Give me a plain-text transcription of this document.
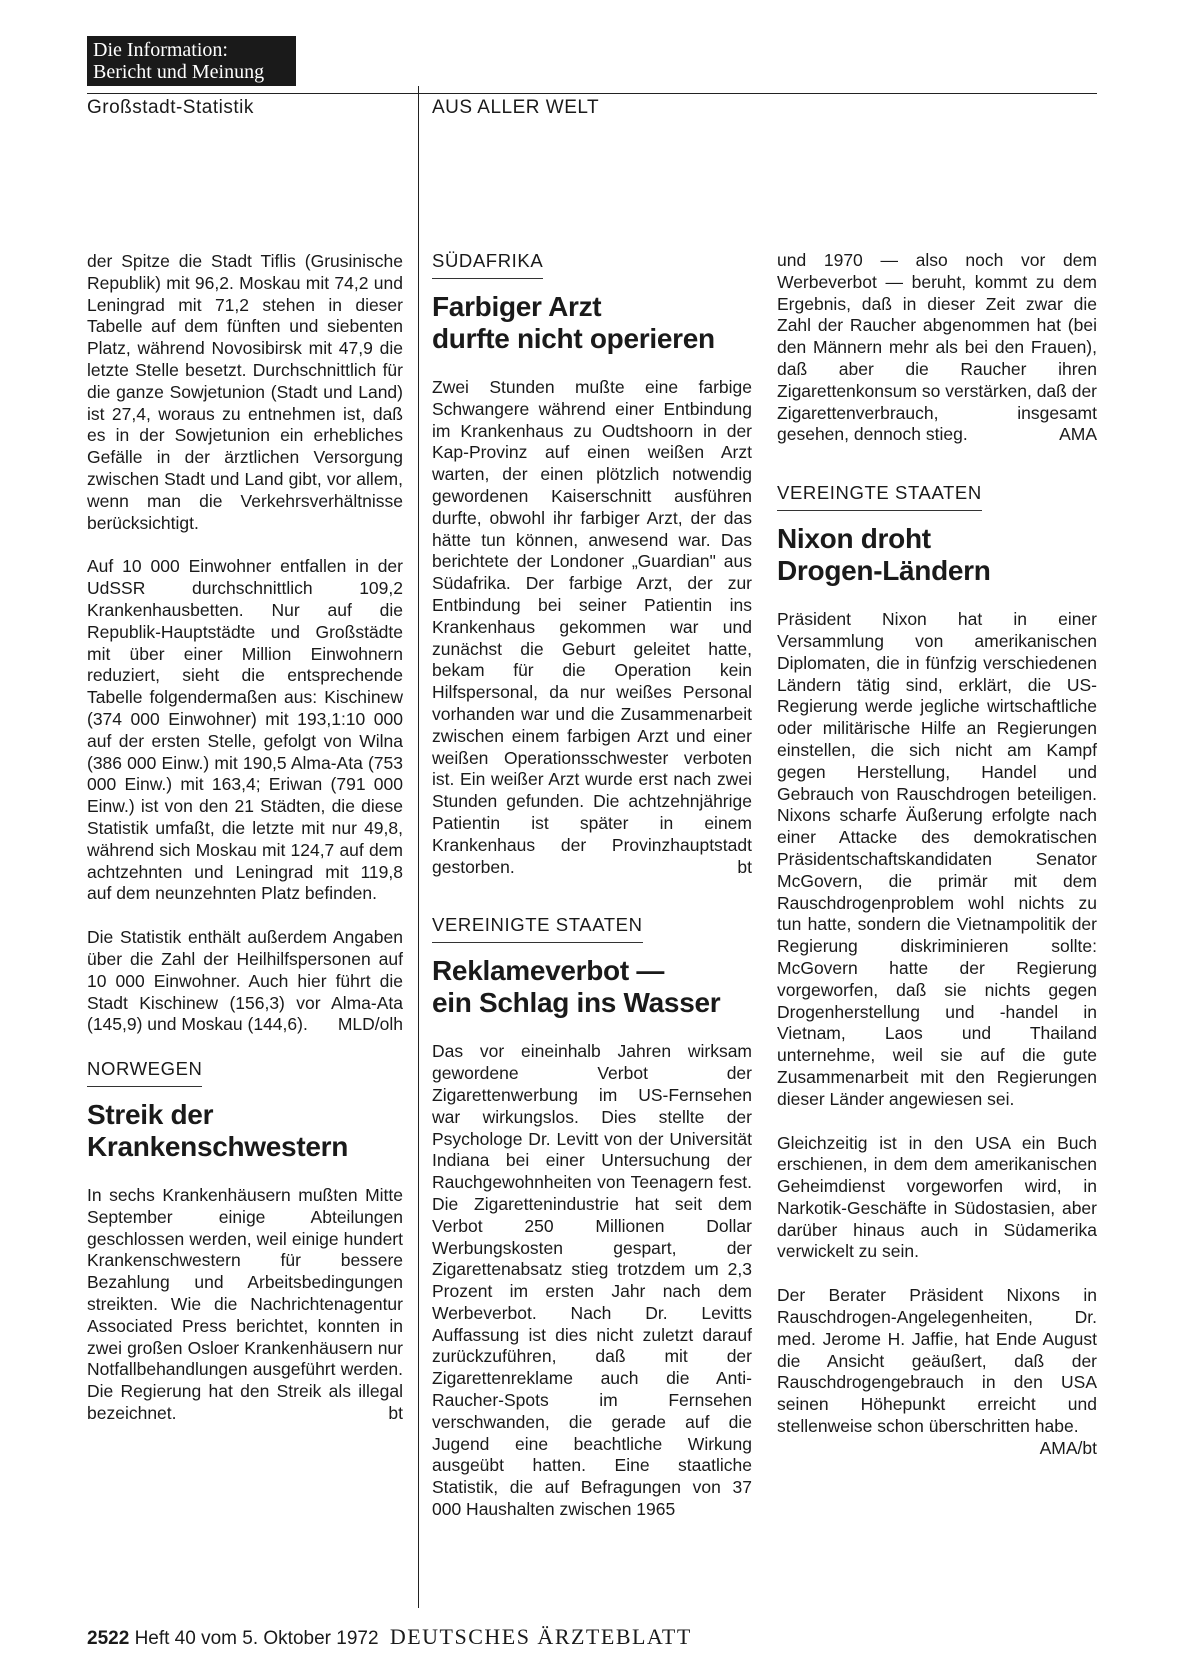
Die Information:
Bericht und Meinung
Großstadt-Statistik	AUS ALLER WELT

der Spitze die Stadt Tiflis (Grusinische Republik) mit 96,2. Moskau mit 74,2 und Leningrad mit 71,2 stehen in dieser Tabelle auf dem fünften und siebenten Platz, während Novosibirsk mit 47,9 die letzte Stelle besetzt. Durchschnittlich für die ganze Sowjetunion (Stadt und Land) ist 27,4, woraus zu entnehmen ist, daß es in der Sowjetunion ein erhebliches Gefälle in der ärztlichen Versorgung zwischen Stadt und Land gibt, vor allem, wenn man die Verkehrsverhältnisse berücksichtigt.

Auf 10 000 Einwohner entfallen in der UdSSR durchschnittlich 109,2 Krankenhausbetten. Nur auf die Republik-Hauptstädte und Großstädte mit über einer Million Einwohnern reduziert, sieht die entsprechende Tabelle folgendermaßen aus: Kischinew (374 000 Einwohner) mit 193,1:10 000 auf der ersten Stelle, gefolgt von Wilna (386 000 Einw.) mit 190,5 Alma-Ata (753 000 Einw.) mit 163,4; Eriwan (791 000 Einw.) ist von den 21 Städten, die diese Statistik umfaßt, die letzte mit nur 49,8, während sich Moskau mit 124,7 auf dem achtzehnten und Leningrad mit 119,8 auf dem neunzehnten Platz befinden.

Die Statistik enthält außerdem Angaben über die Zahl der Heilhilfspersonen auf 10 000 Einwohner. Auch hier führt die Stadt Kischinew (156,3) vor Alma-Ata (145,9) und Moskau (144,6). MLD/olh

NORWEGEN
Streik der
Krankenschwestern

In sechs Krankenhäusern mußten Mitte September einige Abteilungen geschlossen werden, weil einige hundert Krankenschwestern für bessere Bezahlung und Arbeitsbedingungen streikten. Wie die Nachrichtenagentur Associated Press berichtet, konnten in zwei großen Osloer Krankenhäusern nur Notfallbehandlungen ausgeführt werden. Die Regierung hat den Streik als illegal bezeichnet.	bt

SÜDAFRIKA
Farbiger Arzt
durfte nicht operieren

Zwei Stunden mußte eine farbige Schwangere während einer Entbindung im Krankenhaus zu Oudtshoorn in der Kap-Provinz auf einen weißen Arzt warten, der einen plötzlich notwendig gewordenen Kaiserschnitt ausführen durfte, obwohl ihr farbiger Arzt, der das hätte tun können, anwesend war. Das berichtete der Londoner „Guardian" aus Südafrika. Der farbige Arzt, der zur Entbindung bei seiner Patientin ins Krankenhaus gekommen war und zunächst die Geburt geleitet hatte, bekam für die Operation kein Hilfspersonal, da nur weißes Personal vorhanden war und die Zusammenarbeit zwischen einem farbigen Arzt und einer weißen Operationsschwester verboten ist. Ein weißer Arzt wurde erst nach zwei Stunden gefunden. Die achtzehnjährige Patientin ist später in einem Krankenhaus der Provinzhauptstadt gestorben.	bt

VEREINIGTE STAATEN
Reklameverbot —
ein Schlag ins Wasser

Das vor eineinhalb Jahren wirksam gewordene Verbot der Zigarettenwerbung im US-Fernsehen war wirkungslos. Dies stellte der Psychologe Dr. Levitt von der Universität Indiana bei einer Untersuchung der Rauchgewohnheiten von Teenagern fest. Die Zigarettenindustrie hat seit dem Verbot 250 Millionen Dollar Werbungskosten gespart, der Zigarettenabsatz stieg trotzdem um 2,3 Prozent im ersten Jahr nach dem Werbeverbot. Nach Dr. Levitts Auffassung ist dies nicht zuletzt darauf zurückzuführen, daß mit der Zigarettenreklame auch die Anti-Raucher-Spots im Fernsehen verschwanden, die gerade auf die Jugend eine beachtliche Wirkung ausgeübt hatten. Eine staatliche Statistik, die auf Befragungen von 37 000 Haushalten zwischen 1965

und 1970 — also noch vor dem Werbeverbot — beruht, kommt zu dem Ergebnis, daß in dieser Zeit zwar die Zahl der Raucher abgenommen hat (bei den Männern mehr als bei den Frauen), daß aber die Raucher ihren Zigarettenkonsum so verstärken, daß der Zigarettenverbrauch, insgesamt gesehen, dennoch stieg.	AMA

VEREINGTE STAATEN
Nixon droht
Drogen-Ländern

Präsident Nixon hat in einer Versammlung von amerikanischen Diplomaten, die in fünfzig verschiedenen Ländern tätig sind, erklärt, die US-Regierung werde jegliche wirtschaftliche oder militärische Hilfe an Regierungen einstellen, die sich nicht am Kampf gegen Herstellung, Handel und Gebrauch von Rauschdrogen beteiligen. Nixons scharfe Äußerung erfolgte nach einer Attacke des demokratischen Präsidentschaftskandidaten Senator McGovern, die primär mit dem Rauschdrogenproblem wohl nichts zu tun hatte, sondern die Vietnampolitik der Regierung diskriminieren sollte: McGovern hatte der Regierung vorgeworfen, daß sie nichts gegen Drogenherstellung und -handel in Vietnam, Laos und Thailand unternehme, weil sie auf die gute Zusammenarbeit mit den Regierungen dieser Länder angewiesen sei.

Gleichzeitig ist in den USA ein Buch erschienen, in dem dem amerikanischen Geheimdienst vorgeworfen wird, in Narkotik-Geschäfte in Südostasien, aber darüber hinaus auch in Südamerika verwickelt zu sein.

Der Berater Präsident Nixons in Rauschdrogen-Angelegenheiten, Dr. med. Jerome H. Jaffie, hat Ende August die Ansicht geäußert, daß der Rauschdrogengebrauch in den USA seinen Höhepunkt erreicht und stellenweise schon überschritten habe.
AMA/bt

2522 Heft 40 vom 5. Oktober 1972 DEUTSCHES ÄRZTEBLATT
